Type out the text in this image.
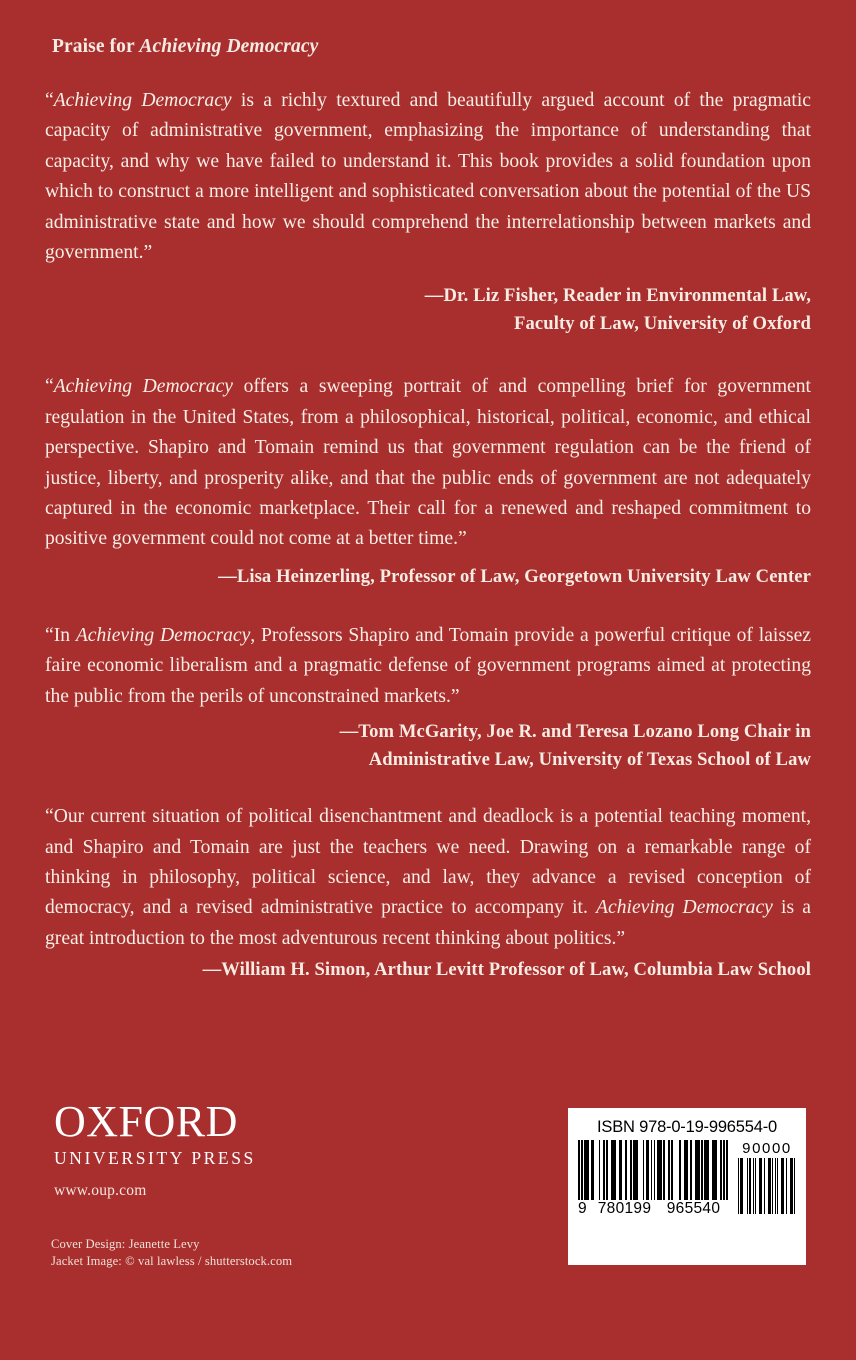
Praise for Achieving Democracy
“Achieving Democracy is a richly textured and beautifully argued account of the pragmatic capacity of administrative government, emphasizing the importance of understanding that capacity, and why we have failed to understand it. This book provides a solid foundation upon which to construct a more intelligent and sophisticated conversation about the potential of the US administrative state and how we should comprehend the interrelationship between markets and government.”
—Dr. Liz Fisher, Reader in Environmental Law,
Faculty of Law, University of Oxford
“Achieving Democracy offers a sweeping portrait of and compelling brief for government regulation in the United States, from a philosophical, historical, political, economic, and ethical perspective. Shapiro and Tomain remind us that government regulation can be the friend of justice, liberty, and prosperity alike, and that the public ends of government are not adequately captured in the economic marketplace. Their call for a renewed and reshaped commitment to positive government could not come at a better time.”
—Lisa Heinzerling, Professor of Law, Georgetown University Law Center
“In Achieving Democracy, Professors Shapiro and Tomain provide a powerful critique of laissez faire economic liberalism and a pragmatic defense of government programs aimed at protecting the public from the perils of unconstrained markets.”
—Tom McGarity, Joe R. and Teresa Lozano Long Chair in
Administrative Law, University of Texas School of Law
“Our current situation of political disenchantment and deadlock is a potential teaching moment, and Shapiro and Tomain are just the teachers we need. Drawing on a remarkable range of thinking in philosophy, political science, and law, they advance a revised conception of democracy, and a revised administrative practice to accompany it. Achieving Democracy is a great introduction to the most adventurous recent thinking about politics.”
—William H. Simon, Arthur Levitt Professor of Law, Columbia Law School
OXFORD
UNIVERSITY PRESS
www.oup.com
Cover Design: Jeanette Levy
Jacket Image: © val lawless / shutterstock.com
ISBN 978-0-19-996554-0
9 780199 965540
90000
